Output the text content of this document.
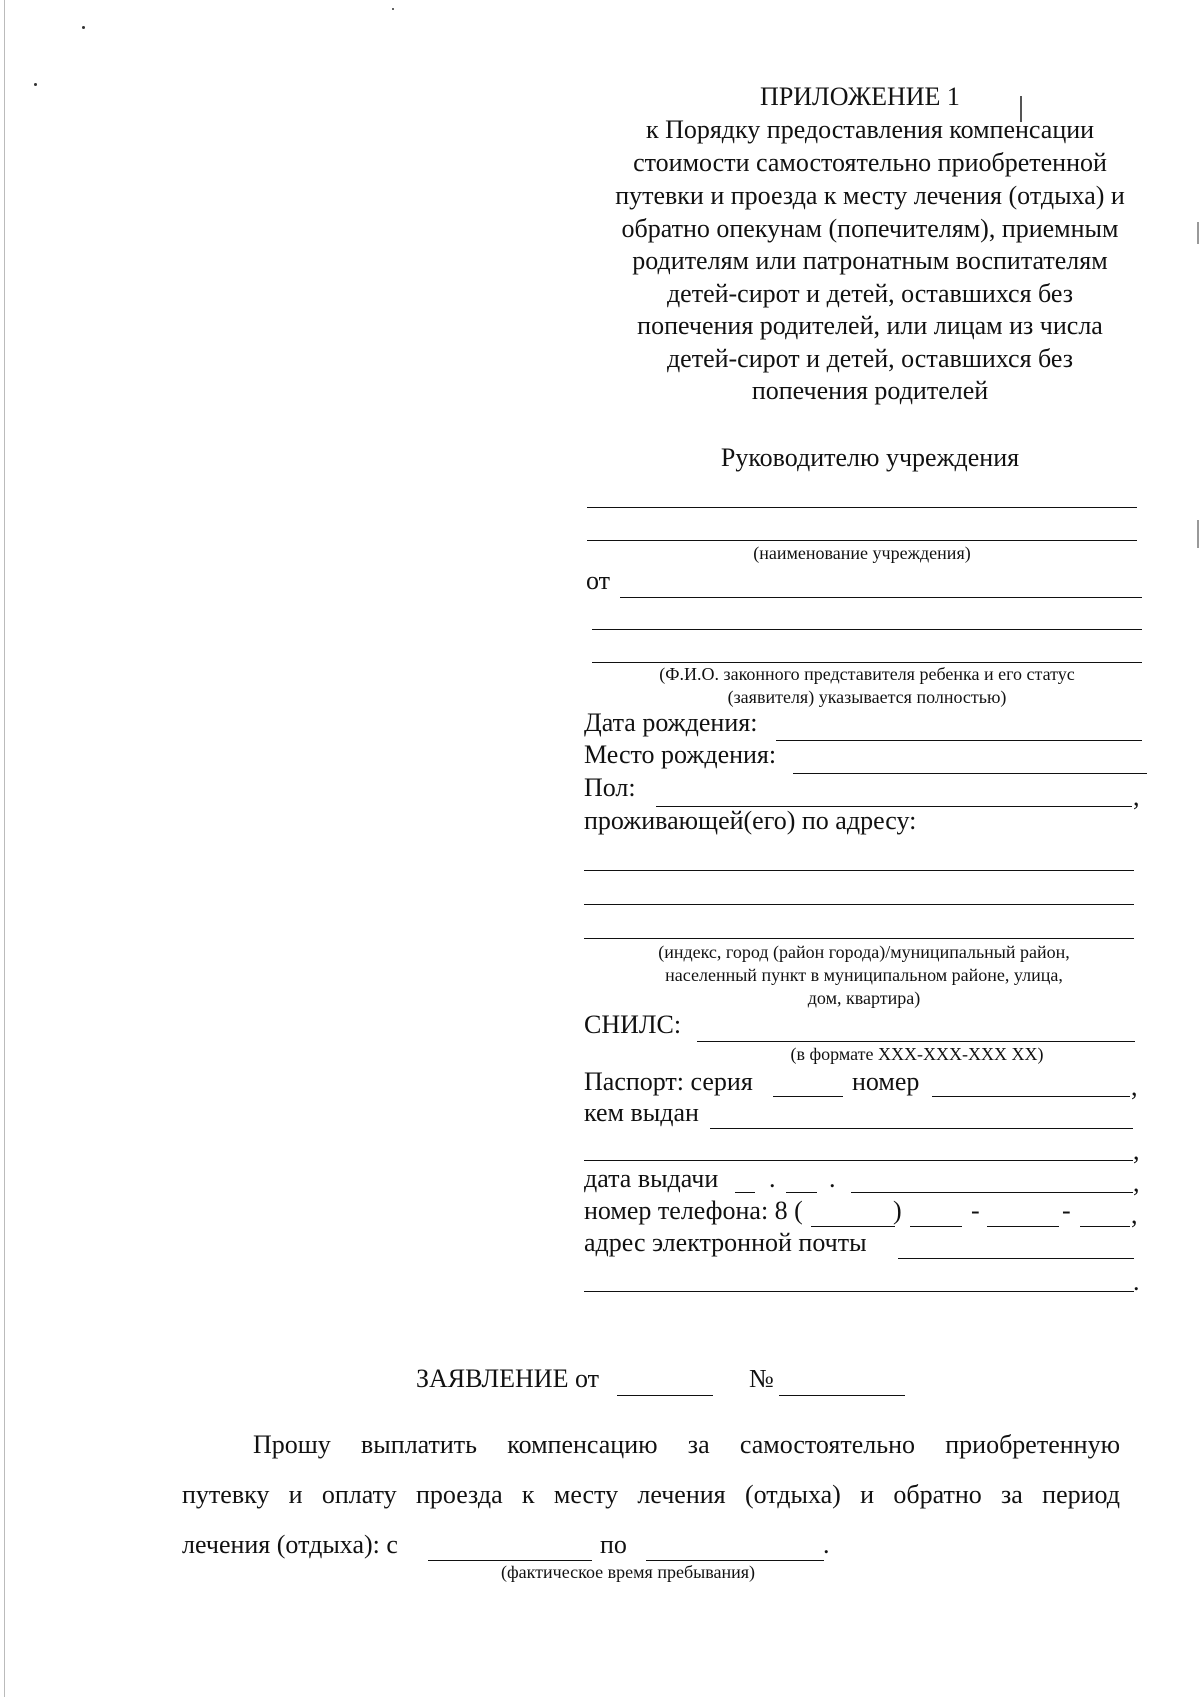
ПРИЛОЖЕНИЕ 1
к Порядку предоставления компенсации
стоимости самостоятельно приобретенной
путевки и проезда к месту лечения (отдыха) и
обратно опекунам (попечителям), приемным
родителям или патронатным воспитателям
детей-сирот и детей, оставшихся без
попечения родителей, или лицам из числа
детей-сирот и детей, оставшихся без
попечения родителей
Руководителю учреждения
(наименование учреждения)
от
(Ф.И.О. законного представителя ребенка и его статус
(заявителя) указывается полностью)
Дата рождения:
Место рождения:
Пол:	,
проживающей(его) по адресу:
(индекс, город (район города)/муниципальный район,
населенный пункт в муниципальном районе, улица,
дом, квартира)
СНИЛС:
(в формате XXX-XXX-XXX XX)
Паспорт: серия	номер	,
кем выдан
,
дата выдачи . .	,
номер телефона: 8 (	)	-	- ,
адрес электронной почты
.
ЗАЯВЛЕНИЕ от	№
Прошу выплатить компенсацию за самостоятельно приобретенную
путевку и оплату проезда к месту лечения (отдыха) и обратно за период
лечения (отдыха): с	по	.
(фактическое время пребывания)
